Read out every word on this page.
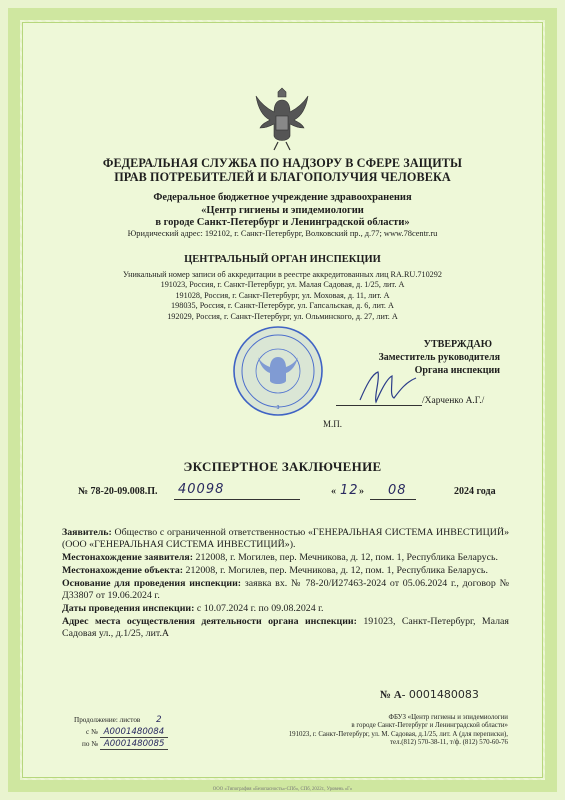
ФЕДЕРАЛЬНАЯ СЛУЖБА ПО НАДЗОРУ В СФЕРЕ ЗАЩИТЫ
ПРАВ ПОТРЕБИТЕЛЕЙ И БЛАГОПОЛУЧИЯ ЧЕЛОВЕКА
Федеральное бюджетное учреждение здравоохранения
«Центр гигиены и эпидемиологии
в городе Санкт-Петербург и Ленинградской области»
Юридический адрес: 192102, г. Санкт-Петербург, Волковский пр., д.77; www.78centr.ru
ЦЕНТРАЛЬНЫЙ ОРГАН ИНСПЕКЦИИ
Уникальный номер записи об аккредитации в реестре аккредитованных лиц RA.RU.710292
191023, Россия, г. Санкт-Петербург, ул. Малая Садовая, д. 1/25, лит. А
191028, Россия, г. Санкт-Петербург, ул. Моховая, д. 11, лит. А
198035, Россия, г. Санкт-Петербург, ул. Гапсальская, д. 6, лит. А
192029, Россия, г. Санкт-Петербург, ул. Ольминского, д. 27, лит. А
3
УТВЕРЖДАЮ
Заместитель руководителя
Органа инспекции
/Харченко А.Г./
М.П.
ЭКСПЕРТНОЕ ЗАКЛЮЧЕНИЕ
№ 78-20-09.008.П. 40098	« 12 » 08	2024 года

Заявитель: Общество с ограниченной ответственностью «ГЕНЕРАЛЬНАЯ СИСТЕМА ИНВЕСТИЦИЙ» (ООО «ГЕНЕРАЛЬНАЯ СИСТЕМА ИНВЕСТИЦИЙ»).

Местонахождение заявителя: 212008, г. Могилев, пер. Мечникова, д. 12, пом. 1, Республика Беларусь.

Местонахождение объекта: 212008, г. Могилев, пер. Мечникова, д. 12, пом. 1, Республика Беларусь.

Основание для проведения инспекции: заявка вх. № 78-20/И27463-2024 от 05.06.2024 г., договор № Д33807 от 19.06.2024 г.

Даты проведения инспекции: с 10.07.2024 г. по 09.08.2024 г.

Адрес места осуществления деятельности органа инспекции: 191023, Санкт-Петербург, Малая Садовая ул., д.1/25, лит.А

№ А- 0001480083
Продолжение: листов 2
с № А0001480084
по № А0001480085
ФБУЗ «Центр гигиены и эпидемиологии
в городе Санкт-Петербург и Ленинградской области»
191023, г. Санкт-Петербург, ул. М. Садовая, д.1/25, лит. А (для переписки),
тел.(812) 570-38-11, т/ф. (812) 570-60-76
ООО «Типография «Безопасность»-СПб», СПб, 2022г., Уровень «Г»
